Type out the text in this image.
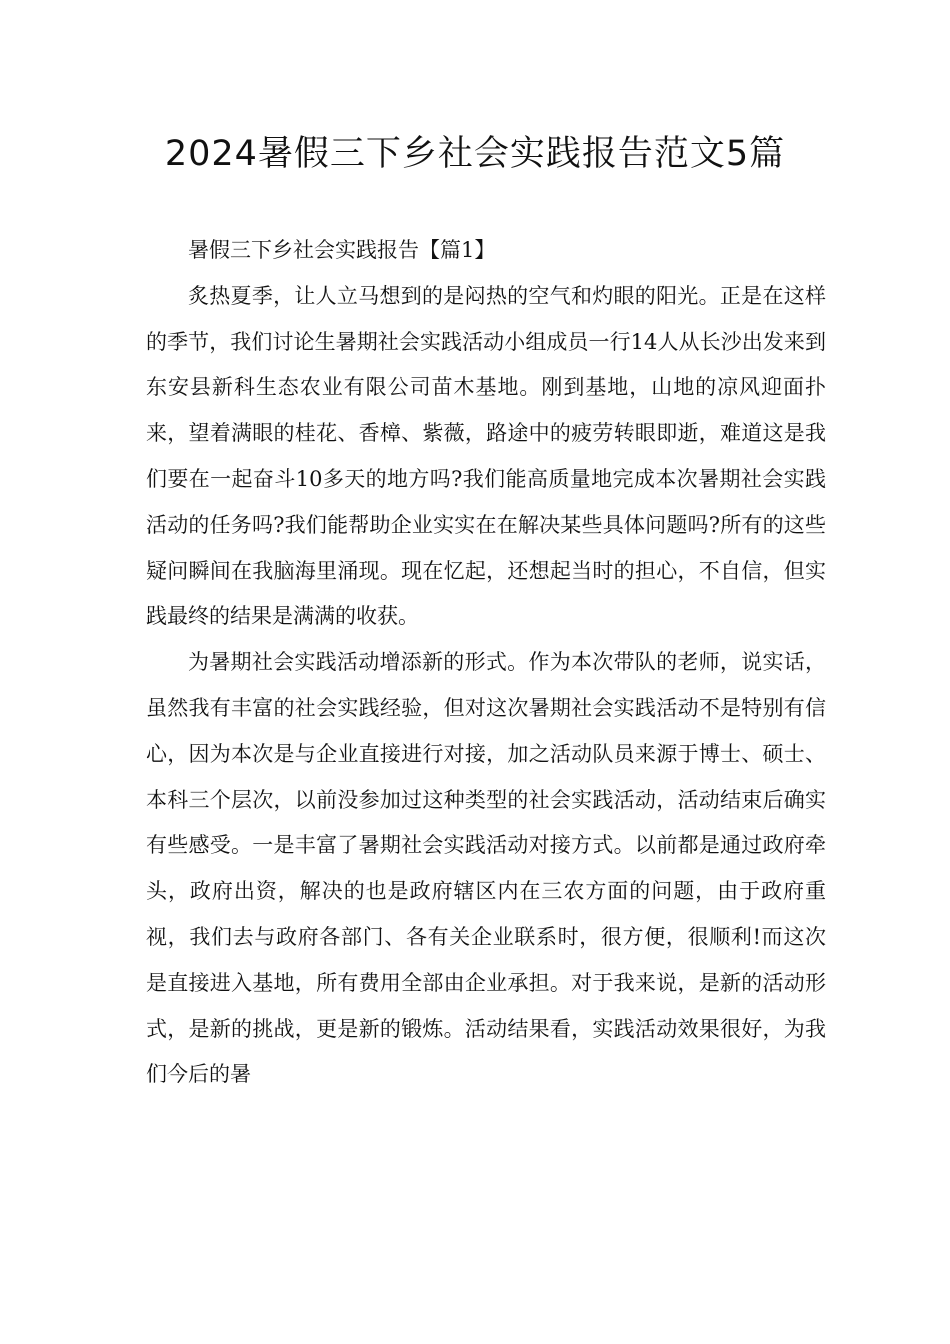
2024暑假三下乡社会实践报告范文5篇

暑假三下乡社会实践报告【篇1】

炙热夏季，让人立马想到的是闷热的空气和灼眼的阳光。正是在这样的季节，我们讨论生暑期社会实践活动小组成员一行14人从长沙出发来到东安县新科生态农业有限公司苗木基地。刚到基地，山地的凉风迎面扑来，望着满眼的桂花、香樟、紫薇，路途中的疲劳转眼即逝，难道这是我们要在一起奋斗10多天的地方吗?我们能高质量地完成本次暑期社会实践活动的任务吗?我们能帮助企业实实在在解决某些具体问题吗?所有的这些疑问瞬间在我脑海里涌现。现在忆起，还想起当时的担心，不自信，但实践最终的结果是满满的收获。

为暑期社会实践活动增添新的形式。作为本次带队的老师，说实话，虽然我有丰富的社会实践经验，但对这次暑期社会实践活动不是特别有信心，因为本次是与企业直接进行对接，加之活动队员来源于博士、硕士、本科三个层次，以前没参加过这种类型的社会实践活动，活动结束后确实有些感受。一是丰富了暑期社会实践活动对接方式。以前都是通过政府牵头，政府出资，解决的也是政府辖区内在三农方面的问题，由于政府重视，我们去与政府各部门、各有关企业联系时，很方便，很顺利!而这次是直接进入基地，所有费用全部由企业承担。对于我来说，是新的活动形式，是新的挑战，更是新的锻炼。活动结果看，实践活动效果很好，为我们今后的暑
